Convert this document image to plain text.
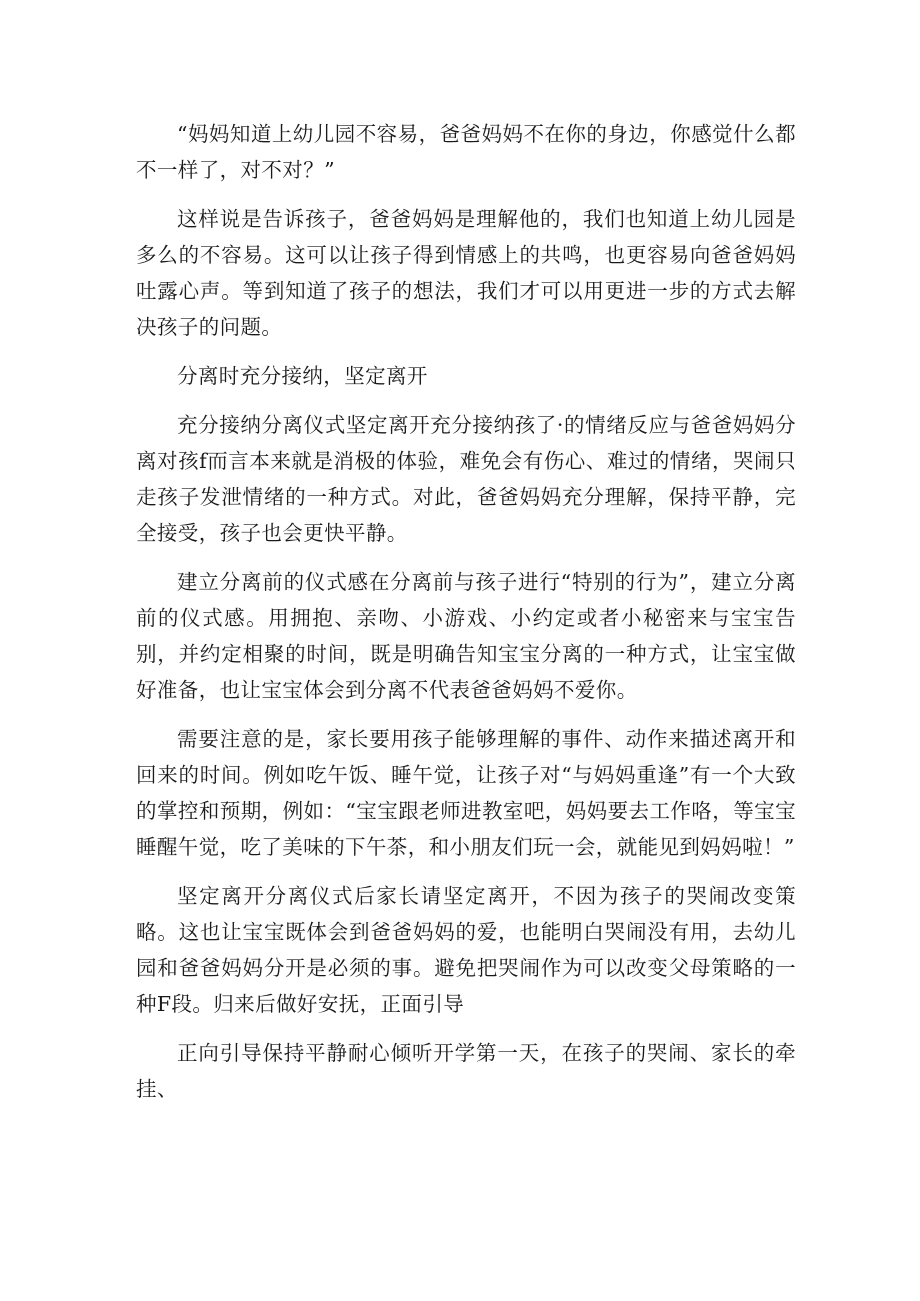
“妈妈知道上幼儿园不容易，爸爸妈妈不在你的身边，你感觉什么都不一样了，对不对？”

这样说是告诉孩子，爸爸妈妈是理解他的，我们也知道上幼儿园是多么的不容易。这可以让孩子得到情感上的共鸣，也更容易向爸爸妈妈吐露心声。等到知道了孩子的想法，我们才可以用更进一步的方式去解决孩子的问题。

分离时充分接纳，坚定离开

充分接纳分离仪式坚定离开充分接纳孩了·的情绪反应与爸爸妈妈分离对孩f而言本来就是消极的体验，难免会有伤心、难过的情绪，哭闹只走孩子发泄情绪的一种方式。对此，爸爸妈妈充分理解，保持平静，完全接受，孩子也会更快平静。

建立分离前的仪式感在分离前与孩子进行“特别的行为”，建立分离前的仪式感。用拥抱、亲吻、小游戏、小约定或者小秘密来与宝宝告别，并约定相聚的时间，既是明确告知宝宝分离的一种方式，让宝宝做好准备，也让宝宝体会到分离不代表爸爸妈妈不爱你。

需要注意的是，家长要用孩子能够理解的事件、动作来描述离开和回来的时间。例如吃午饭、睡午觉，让孩子对“与妈妈重逢”有一个大致的掌控和预期，例如：“宝宝跟老师进教室吧，妈妈要去工作咯，等宝宝睡醒午觉，吃了美味的下午茶，和小朋友们玩一会，就能见到妈妈啦！”

坚定离开分离仪式后家长请坚定离开，不因为孩子的哭闹改变策略。这也让宝宝既体会到爸爸妈妈的爱，也能明白哭闹没有用，去幼儿园和爸爸妈妈分开是必须的事。避免把哭闹作为可以改变父母策略的一种F段。归来后做好安抚，正面引导

正向引导保持平静耐心倾听开学第一天，在孩子的哭闹、家长的牵挂、
